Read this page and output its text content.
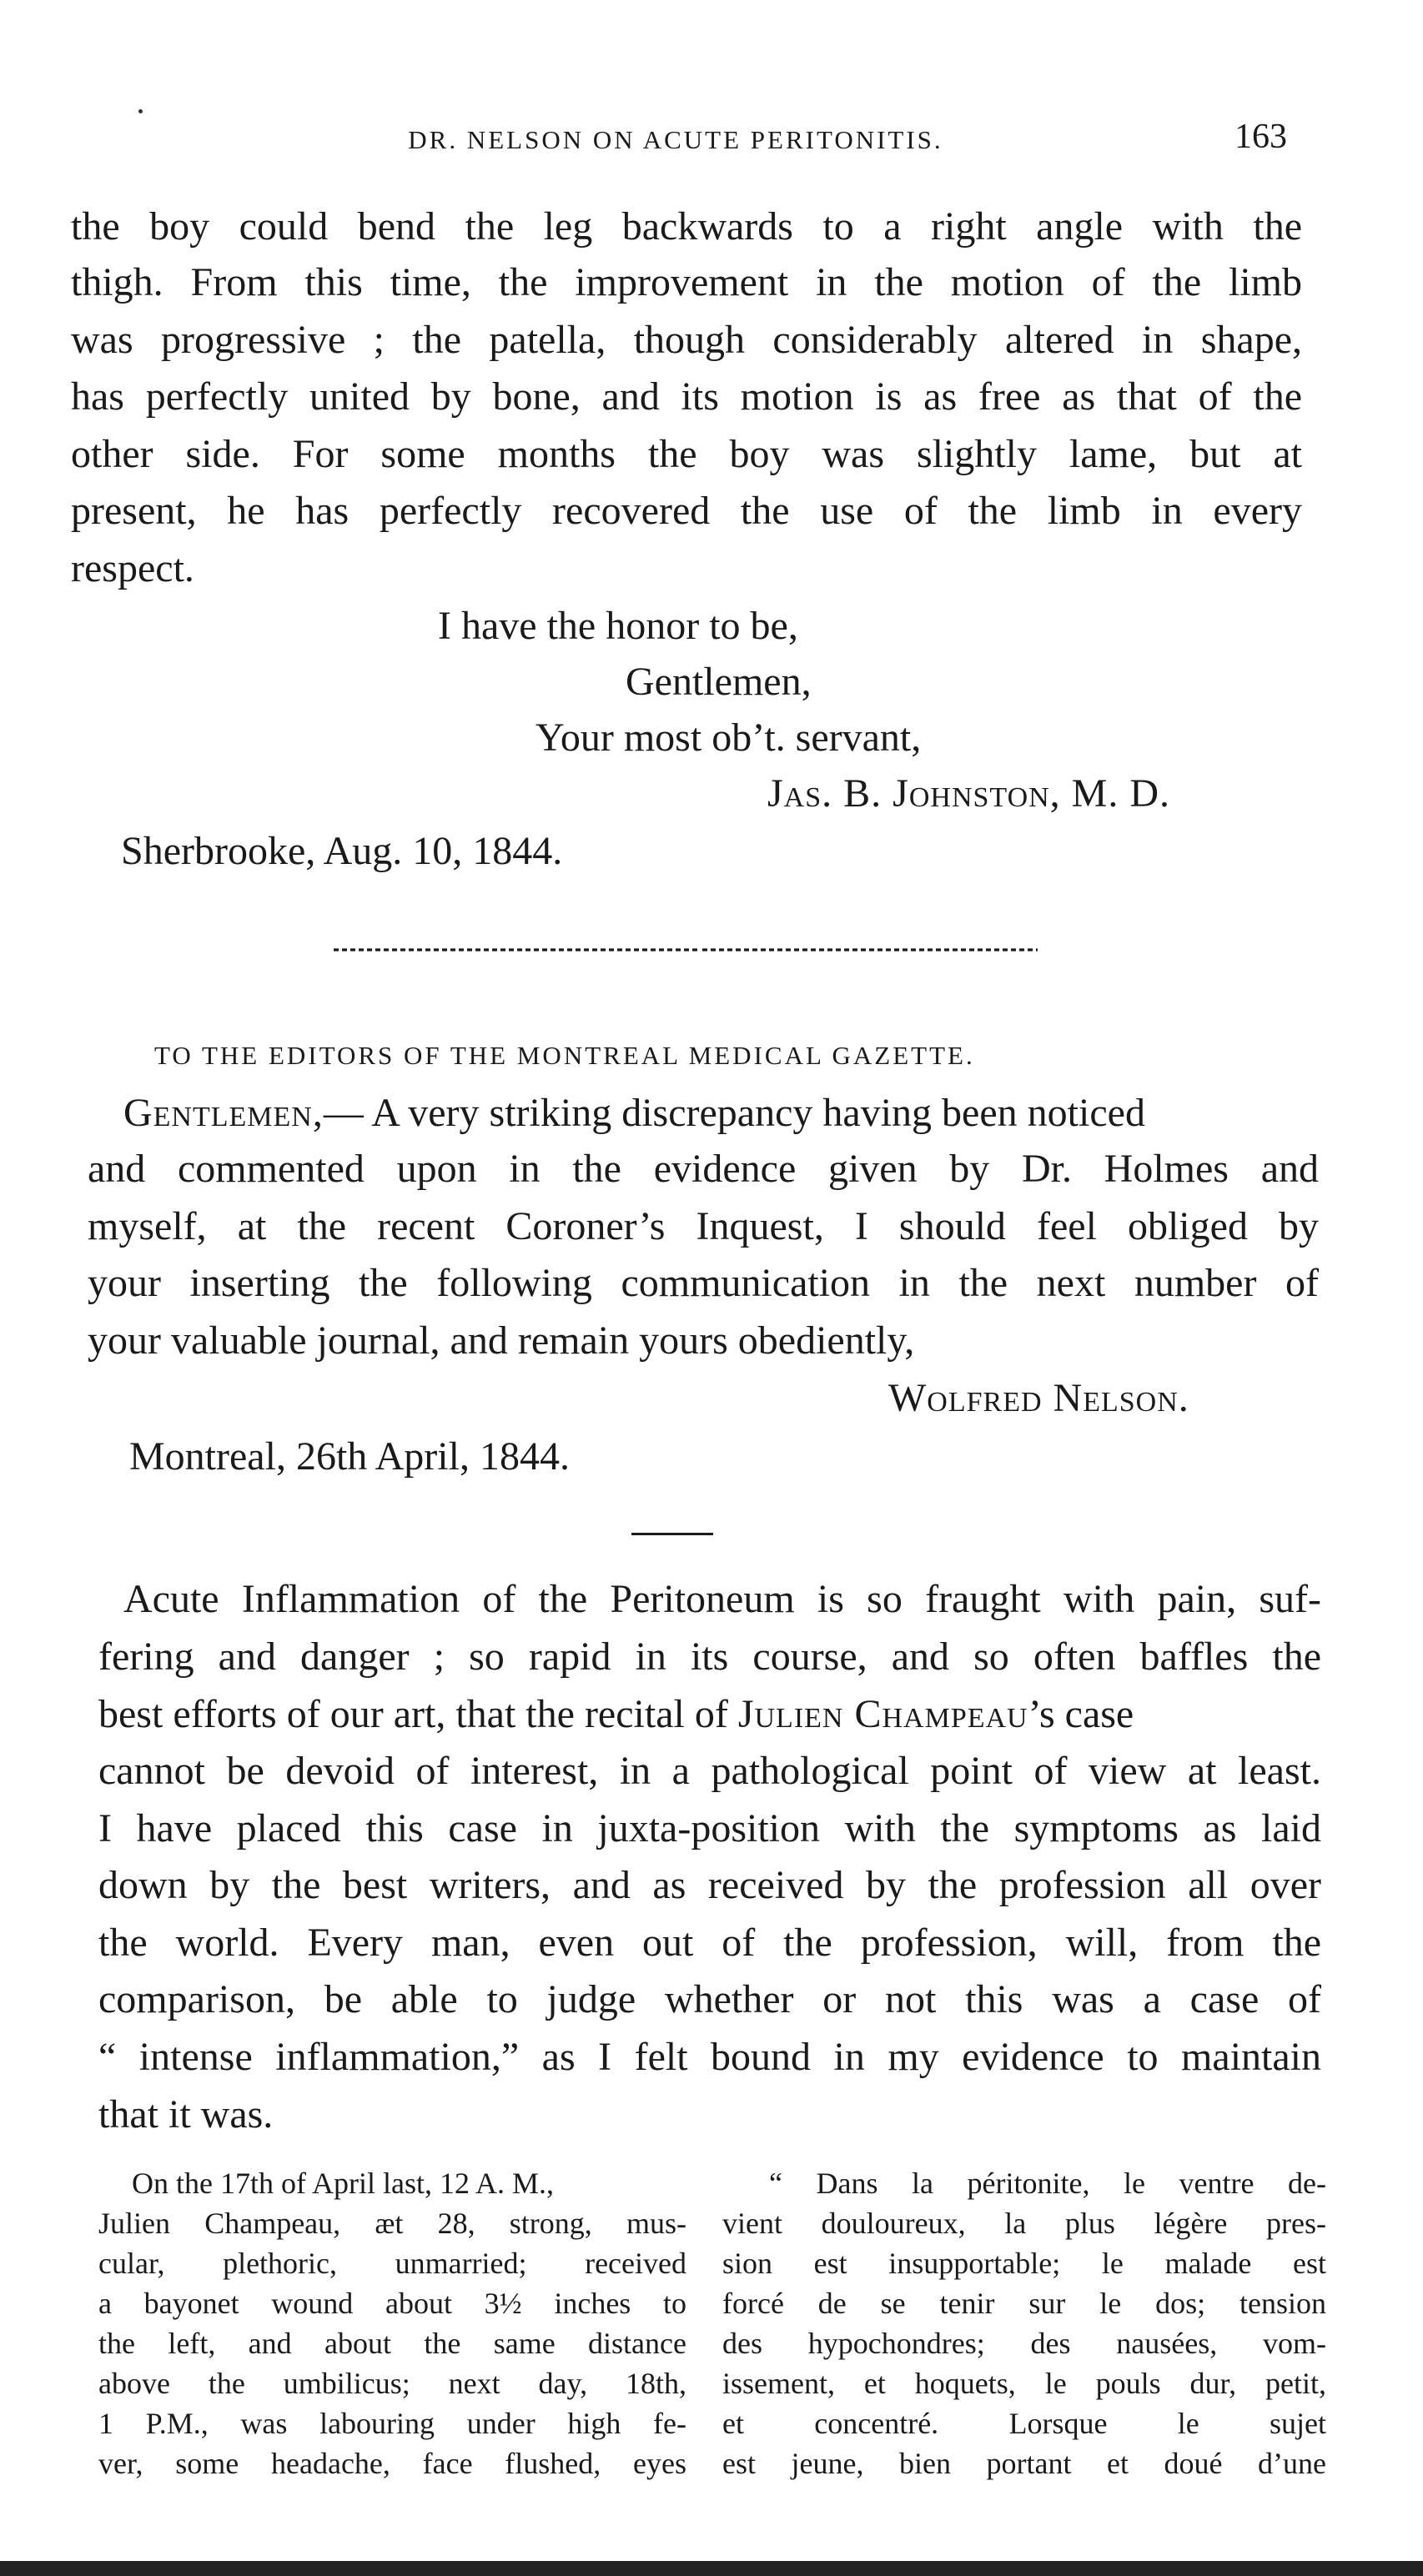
DR. NELSON ON ACUTE PERITONITIS.	163
the boy could bend the leg backwards to a right angle with the
thigh. From this time, the improvement in the motion of the limb
was progressive ; the patella, though considerably altered in shape,
has perfectly united by bone, and its motion is as free as that of the
other side. For some months the boy was slightly lame, but at
present, he has perfectly recovered the use of the limb in every
respect.
I have the honor to be,
Gentlemen,
Your most ob’t. servant,
Jas. B. Johnston, M. D.
Sherbrooke, Aug. 10, 1844.
TO THE EDITORS OF THE MONTREAL MEDICAL GAZETTE.
Gentlemen,— A very striking discrepancy having been noticed
and commented upon in the evidence given by Dr. Holmes and
myself, at the recent Coroner’s Inquest, I should feel obliged by
your inserting the following communication in the next number of
your valuable journal, and remain yours obediently,
Wolfred Nelson.
Montreal, 26th April, 1844.
Acute Inflammation of the Peritoneum is so fraught with pain, suf-
fering and danger ; so rapid in its course, and so often baffles the
best efforts of our art, that the recital of Julien Champeau’s case
cannot be devoid of interest, in a pathological point of view at least.
I have placed this case in juxta-position with the symptoms as laid
down by the best writers, and as received by the profession all over
the world. Every man, even out of the profession, will, from the
comparison, be able to judge whether or not this was a case of
“ intense inflammation,” as I felt bound in my evidence to maintain
that it was.
On the 17th of April last, 12 A. M.,
Julien Champeau, æt 28, strong, mus-
cular, plethoric, unmarried; received
a bayonet wound about 3½ inches to
the left, and about the same distance
above the umbilicus; next day, 18th,
1 P.M., was labouring under high fe-
ver, some headache, face flushed, eyes
“ Dans la péritonite, le ventre de-
vient douloureux, la plus légère pres-
sion est insupportable; le malade est
forcé de se tenir sur le dos; tension
des hypochondres; des nausées, vom-
issement, et hoquets, le pouls dur, petit,
et concentré. Lorsque le sujet
est jeune, bien portant et doué d’une
